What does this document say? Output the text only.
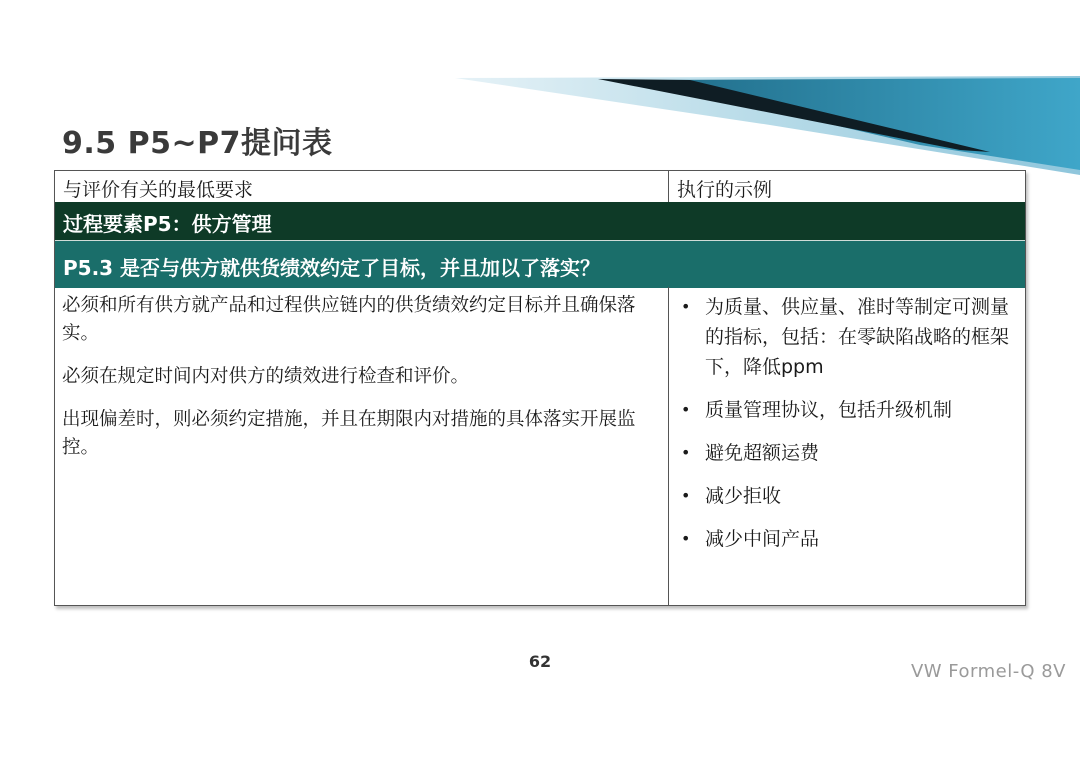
9.5 P5~P7提问表
与评价有关的最低要求	执行的示例
过程要素P5：供方管理
P5.3 是否与供方就供货绩效约定了目标，并且加以了落实？

必须和所有供方就产品和过程供应链内的供货绩效约定目标并且确保落实。

必须在规定时间内对供方的绩效进行检查和评价。

出现偏差时，则必须约定措施，并且在期限内对措施的具体落实开展监控。

• 为质量、供应量、准时等制定可测量的指标，包括：在零缺陷战略的框架下，降低ppm
• 质量管理协议，包括升级机制
• 避免超额运费
• 减少拒收
• 减少中间产品
62	VW Formel-Q 8V
